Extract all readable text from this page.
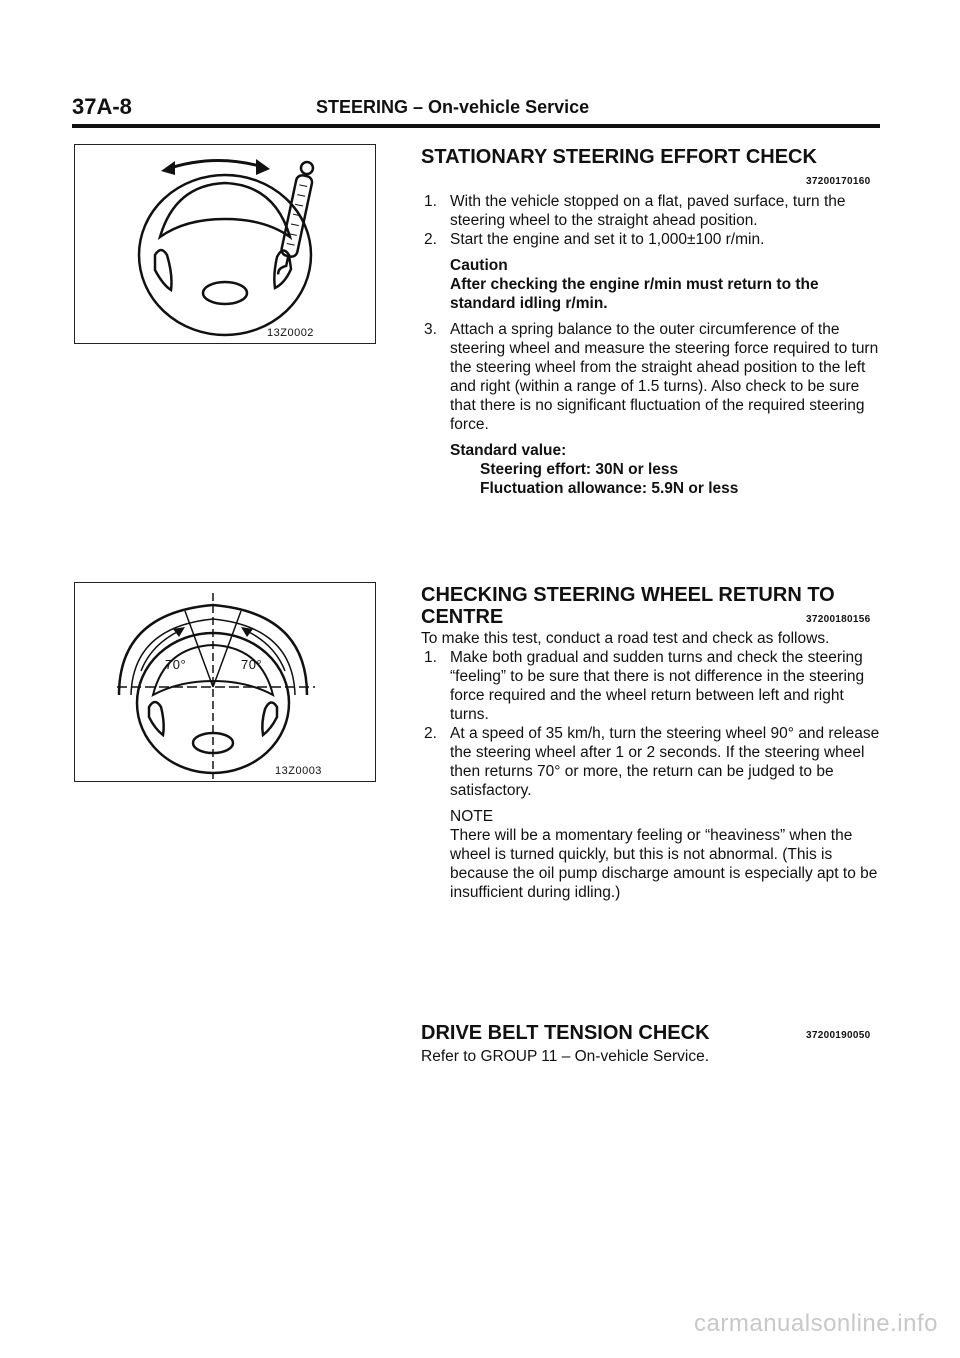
37A-8	STEERING – On-vehicle Service
13Z0002
STATIONARY STEERING EFFORT CHECK
37200170160
1. With the vehicle stopped on a flat, paved surface, turn the steering wheel to the straight ahead position.
2. Start the engine and set it to 1,000±100 r/min.

Caution

After checking the engine r/min must return to the standard idling r/min.

3. Attach a spring balance to the outer circumference of the steering wheel and measure the steering force required to turn the steering wheel from the straight ahead position to the left and right (within a range of 1.5 turns). Also check to be sure that there is no significant fluctuation of the required steering force.

Standard value:

Steering effort: 30N or less

Fluctuation allowance: 5.9N or less

70°	70°
13Z0003
CHECKING STEERING WHEEL RETURN TO
CENTRE	37200180156

To make this test, conduct a road test and check as follows.

1. Make both gradual and sudden turns and check the steering “feeling” to be sure that there is not difference in the steering force required and the wheel return between left and right turns.
2. At a speed of 35 km/h, turn the steering wheel 90° and release the steering wheel after 1 or 2 seconds. If the steering wheel then returns 70° or more, the return can be judged to be satisfactory.

NOTE

There will be a momentary feeling or “heaviness” when the wheel is turned quickly, but this is not abnormal. (This is because the oil pump discharge amount is especially apt to be insufficient during idling.)

DRIVE BELT TENSION CHECK	37200190050
Refer to GROUP 11 – On-vehicle Service.
carmanualsonline.info
